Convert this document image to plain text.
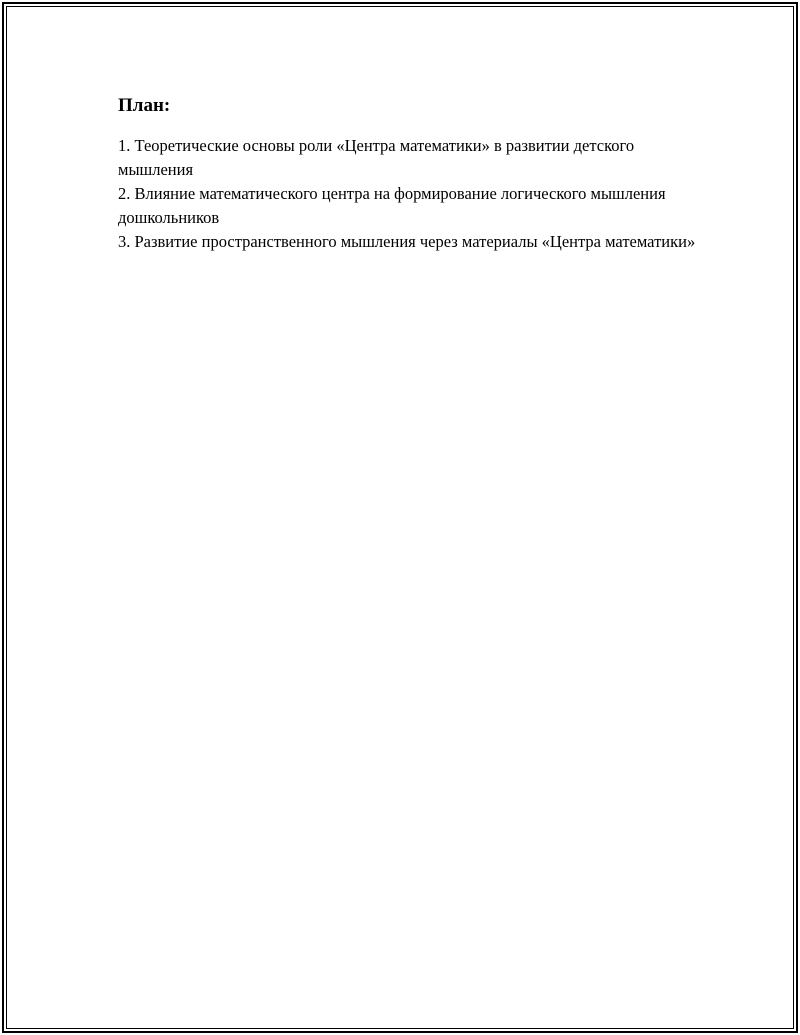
План:
1. Теоретические основы роли «Центра математики» в развитии детского мышления
2. Влияние математического центра на формирование логического мышления дошкольников
3. Развитие пространственного мышления через материалы «Центра математики»
